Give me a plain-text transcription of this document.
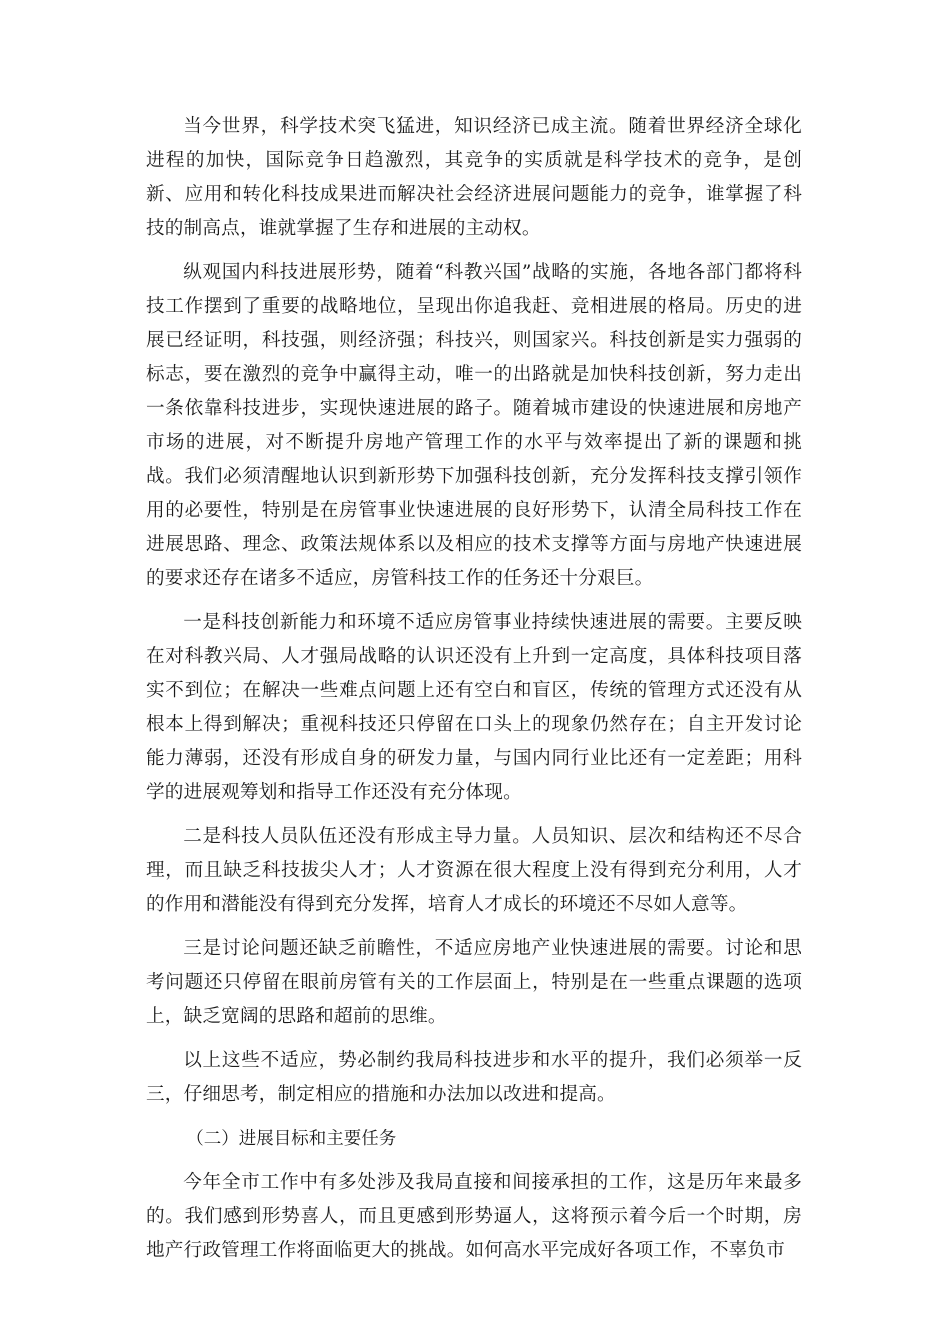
当今世界，科学技术突飞猛进，知识经济已成主流。随着世界经济全球化进程的加快，国际竞争日趋激烈，其竞争的实质就是科学技术的竞争，是创新、应用和转化科技成果进而解决社会经济进展问题能力的竞争，谁掌握了科技的制高点，谁就掌握了生存和进展的主动权。

纵观国内科技进展形势，随着“科教兴国”战略的实施，各地各部门都将科技工作摆到了重要的战略地位，呈现出你追我赶、竞相进展的格局。历史的进展已经证明，科技强，则经济强；科技兴，则国家兴。科技创新是实力强弱的标志，要在激烈的竞争中赢得主动，唯一的出路就是加快科技创新，努力走出一条依靠科技进步，实现快速进展的路子。随着城市建设的快速进展和房地产市场的进展，对不断提升房地产管理工作的水平与效率提出了新的课题和挑战。我们必须清醒地认识到新形势下加强科技创新，充分发挥科技支撑引领作用的必要性，特别是在房管事业快速进展的良好形势下，认清全局科技工作在进展思路、理念、政策法规体系以及相应的技术支撑等方面与房地产快速进展的要求还存在诸多不适应，房管科技工作的任务还十分艰巨。

一是科技创新能力和环境不适应房管事业持续快速进展的需要。主要反映在对科教兴局、人才强局战略的认识还没有上升到一定高度，具体科技项目落实不到位；在解决一些难点问题上还有空白和盲区，传统的管理方式还没有从根本上得到解决；重视科技还只停留在口头上的现象仍然存在；自主开发讨论能力薄弱，还没有形成自身的研发力量，与国内同行业比还有一定差距；用科学的进展观筹划和指导工作还没有充分体现。

二是科技人员队伍还没有形成主导力量。人员知识、层次和结构还不尽合理，而且缺乏科技拔尖人才；人才资源在很大程度上没有得到充分利用，人才的作用和潜能没有得到充分发挥，培育人才成长的环境还不尽如人意等。

三是讨论问题还缺乏前瞻性，不适应房地产业快速进展的需要。讨论和思考问题还只停留在眼前房管有关的工作层面上，特别是在一些重点课题的选项上，缺乏宽阔的思路和超前的思维。

以上这些不适应，势必制约我局科技进步和水平的提升，我们必须举一反三，仔细思考，制定相应的措施和办法加以改进和提高。

（二）进展目标和主要任务

今年全市工作中有多处涉及我局直接和间接承担的工作，这是历年来最多的。我们感到形势喜人，而且更感到形势逼人，这将预示着今后一个时期，房地产行政管理工作将面临更大的挑战。如何高水平完成好各项工作，不辜负市
